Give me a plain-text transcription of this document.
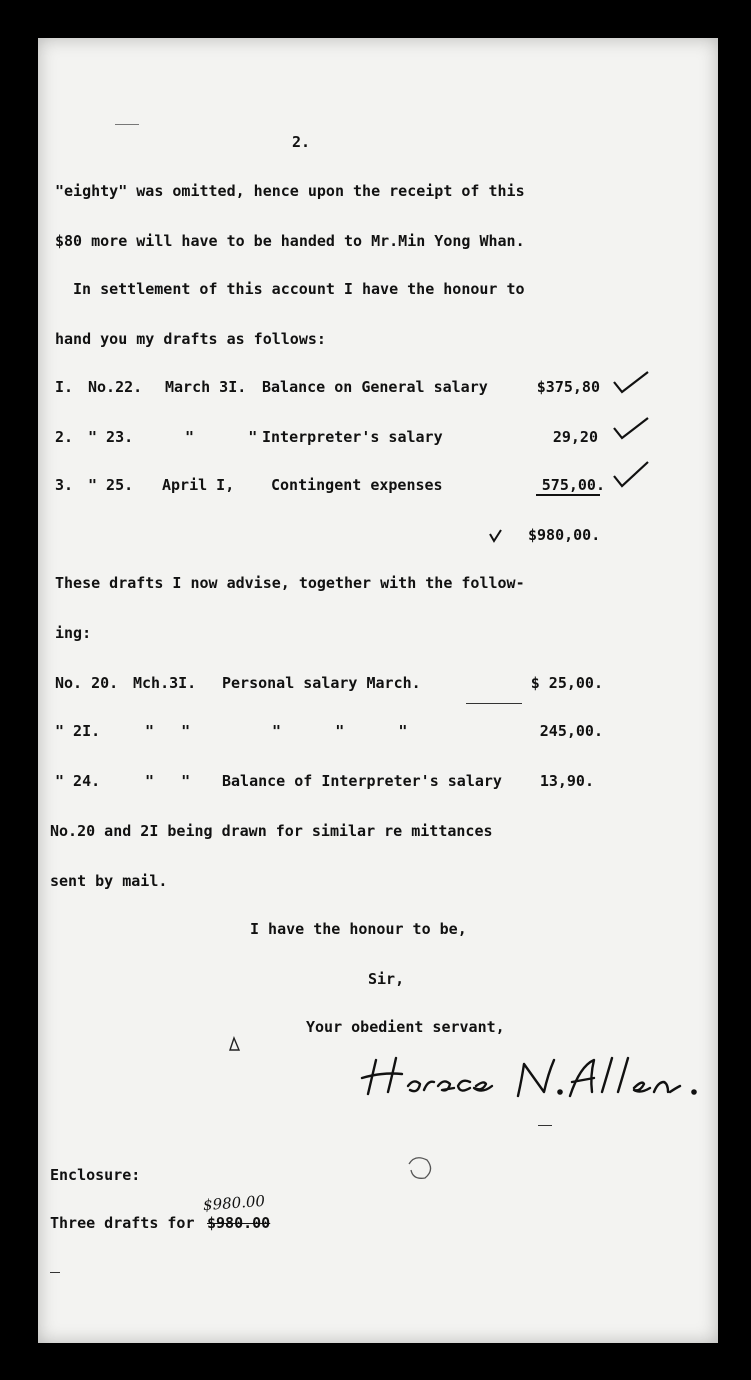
2.
"eighty" was omitted, hence upon the receipt of this
$80 more will have to be handed to Mr.Min Yong Whan.
In settlement of this account I have the honour to
hand you my drafts as follows:
I. No.22. March 3I. Balance on General salary	$375,80
2. " 23.	"      " Interpreter's salary	29,20
3. " 25. April I, Contingent expenses	575,00.
$980,00.
These drafts I now advise, together with the follow-
ing:
No. 20. Mch.3I. Personal salary March.	$ 25,00.
" 2I.	"   "	"      "      "	245,00.
" 24.	"   " Balance of Interpreter's salary	13,90.
No.20 and 2I being drawn for similar re mittances
sent by mail.
I have the honour to be,
Sir,
Your obedient servant,
Enclosure:
Three drafts for $980.00
$980.00
